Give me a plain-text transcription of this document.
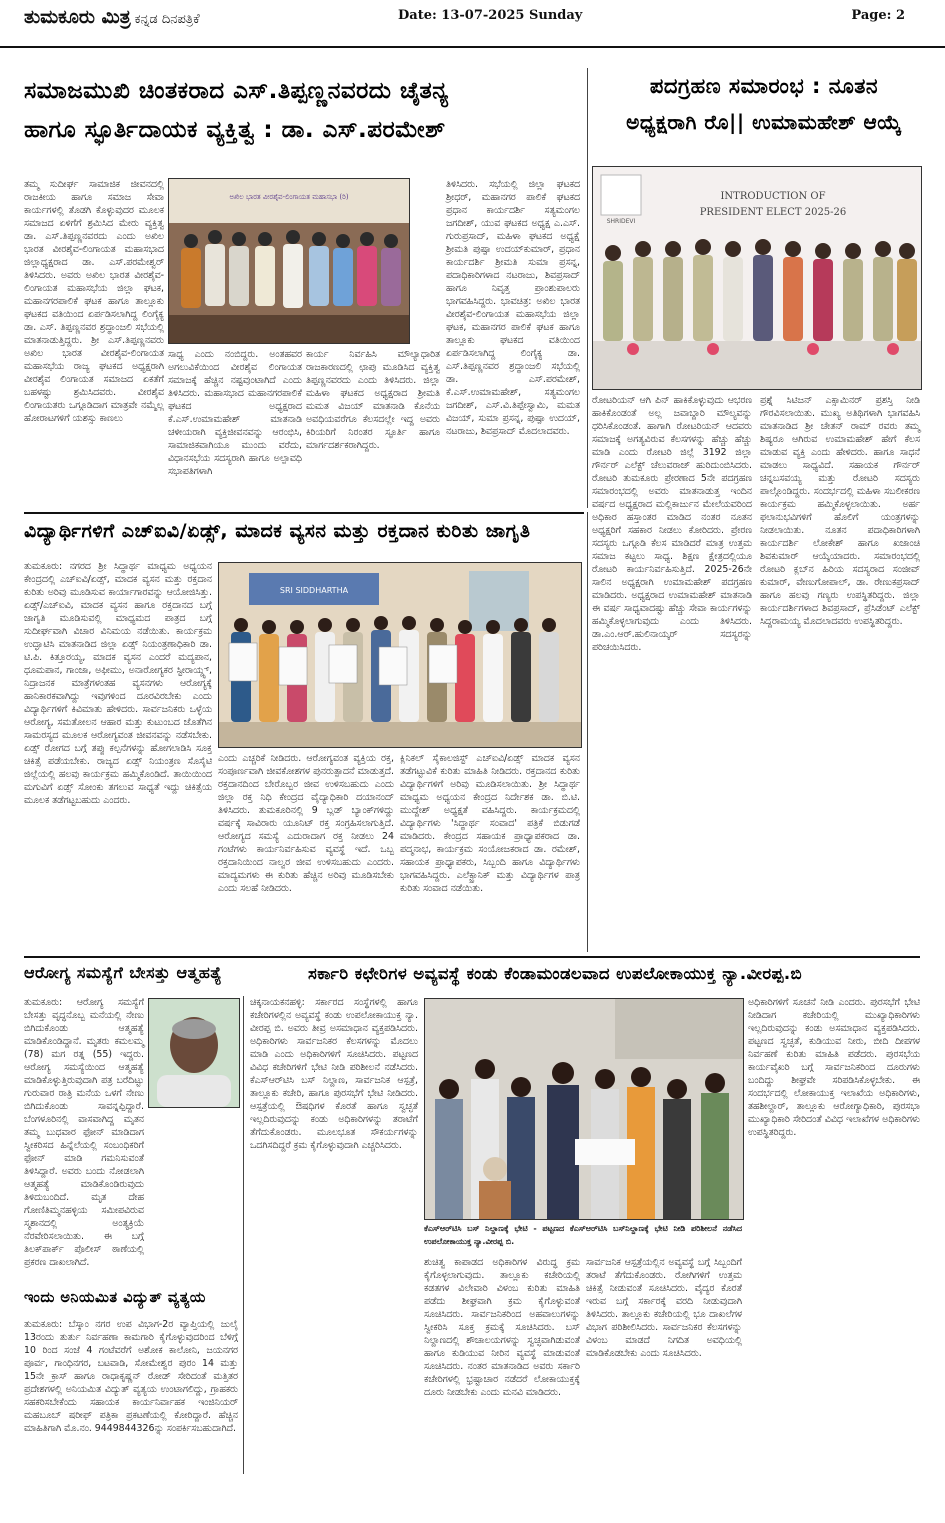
ತುಮಕೂರು ಮಿತ್ರ ಕನ್ನಡ ದಿನಪತ್ರಿಕೆ	Date: 13-07-2025 Sunday	Page: 2
ಸಮಾಜಮುಖಿ ಚಿಂತಕರಾದ ಎಸ್.ತಿಪ್ಪಣ್ಣನವರದು ಚೈತನ್ಯ
ಹಾಗೂ ಸ್ಫೂರ್ತಿದಾಯಕ ವ್ಯಕ್ತಿತ್ವ : ಡಾ. ಎಸ್.ಪರಮೇಶ್
ಪದಗ್ರಹಣ ಸಮಾರಂಭ : ನೂತನ
ಅಧ್ಯಕ್ಷರಾಗಿ ರೊ|| ಉಮಾಮಹೇಶ್ ಆಯ್ಕೆ
ತಮ್ಮ ಸುದೀರ್ಘ ಸಾಮಾಜಿಕ ಜೀವನದಲ್ಲಿ ರಾಜಕೀಯ ಹಾಗೂ ಸಮಾಜ ಸೇವಾ ಕಾರ್ಯಗಳಲ್ಲಿ ತೊಡಗಿ ಕೊಳ್ಳುವುದರ ಮೂಲಕ ಸಮಾಜದ ಏಳಿಗೆಗೆ ಶ್ರಮಿಸಿದ ಮೇರು ವ್ಯಕ್ತಿತ್ವ ಡಾ. ಎಸ್.ತಿಪ್ಪಣ್ಣನವರದು ಎಂದು ಅಖಿಲ ಭಾರತ ವೀರಶೈವ-ಲಿಂಗಾಯತ ಮಹಾಸಭಾದ ಜಿಲ್ಲಾಧ್ಯಕ್ಷರಾದ ಡಾ. ಎಸ್.ಪರಮೇಶ್ವರ್ ತಿಳಿಸಿದರು. ಅವರು ಅಖಿಲ ಭಾರತ ವೀರಶೈವ-ಲಿಂಗಾಯತ ಮಹಾಸಭೆಯ ಜಿಲ್ಲಾ ಘಟಕ, ಮಹಾನಗರಪಾಲಿಕೆ ಘಟಕ ಹಾಗೂ ತಾಲ್ಲೂಕು ಘಟಕದ ವತಿಯಿಂದ ಏರ್ಪಡಿಸಲಾಗಿದ್ದ ಲಿಂಗೈಕ್ಯ ಡಾ. ಎಸ್. ತಿಪ್ಪಣ್ಣನವರ ಶ್ರದ್ಧಾಂಜಲಿ ಸಭೆಯಲ್ಲಿ ಮಾತನಾಡುತ್ತಿದ್ದರು. ಶ್ರೀ ಎಸ್.ತಿಪ್ಪಣ್ಣನವರು ಅಖಿಲ ಭಾರತ ವೀರಶೈವ-ಲಿಂಗಾಯತ ಮಹಾಸಭೆಯ ರಾಜ್ಯ ಘಟಕದ ಅಧ್ಯಕ್ಷರಾಗಿ ವೀರಶೈವ ಲಿಂಗಾಯತ ಸಮಾಜದ ಏಕತೆಗೆ ಬಹಳಷ್ಟು ಶ್ರಮಿಸಿದವರು. ವೀರಶೈವ ಲಿಂಗಾಯತರು ಒಗ್ಗೂಡಿದಾಗ ಮಾತ್ರವೇ ನಮ್ಮೆಲ್ಲ ಹೋರಾಟಗಳಿಗೆ ಯಶಸ್ಸು ಕಾಣಲು
ಅಖಿಲ ಭಾರತ ವೀರಶೈವ-ಲಿಂಗಾಯತ ಮಹಾಸಭಾ (ರಿ)
ಸಾಧ್ಯ ಎಂದು ನಂಬಿದ್ದರು. ಅಂತಹವರ ಅಗಲುವಿಕೆಯಿಂದ ವೀರಶೈವ ಲಿಂಗಾಯತ ಸಮಾಜಕ್ಕೆ ಹೆಚ್ಚಿನ ನಷ್ಟವುಂಟಾಗಿದೆ ಎಂದು ತಿಳಿಸಿದರು. ಮಹಾಸಭಾದ ಮಹಾನಗರಪಾಲಿಕೆ ಘಟಕದ ಅಧ್ಯಕ್ಷರಾದ ಕೆ.ಎಸ್.ಉಮಾಮಹೇಶ್ ಮಾತನಾಡಿ ಚಳೀಯರಾಗಿ ವ್ಯಕ್ತಿಜೀವನವನ್ನು ಆರಂಭಿಸಿ, ಸಾಮಾಜಿಕವಾಗಿಯೂ ಮುಂದು ವರೆದು, ವಿಧಾನಸಭೆಯ ಸದಸ್ಯರಾಗಿ ಹಾಗೂ ಅಲ್ಪಾವಧಿ ಸಭಾಪತಿಗಳಾಗಿ
ಕಾರ್ಯ ನಿರ್ವಹಿಸಿ ಮೌಲ್ಯಾಧಾರಿತ ರಾಜಕಾರಣದಲ್ಲಿ ಛಾಪು ಮೂಡಿಸಿದ ವ್ಯಕ್ತಿತ್ವ ತಿಪ್ಪಣ್ಣನವರದು ಎಂದು ತಿಳಿಸಿದರು. ಜಿಲ್ಲಾ ಮಹಿಳಾ ಘಟಕದ ಅಧ್ಯಕ್ಷರಾದ ಶ್ರೀಮತಿ ಮಮತ ವಿಜಯ್ ಮಾತನಾಡಿ ಕೊನೆಯ ಅವಧಿಯವರೆಗೂ ಕೆಲಸದಲ್ಲೇ ಇದ್ದ ಅವರು ಕಿರಿಯರಿಗೆ ನಿರಂತರ ಸ್ಫೂರ್ತಿ ಹಾಗೂ ಮಾರ್ಗದರ್ಶಕರಾಗಿದ್ದರು.
ತಿಳಿಸಿದರು. ಸಭೆಯಲ್ಲಿ ಜಿಲ್ಲಾ ಘಟಕದ ಶ್ರೀಧರ್, ಮಹಾನಗರ ಪಾಲಿಕೆ ಘಟಕದ ಪ್ರಧಾನ ಕಾರ್ಯದರ್ಶಿ ಸತ್ಯಮಂಗಲ ಜಗದೀಶ್, ಯುವ ಘಟಕದ ಅಧ್ಯಕ್ಷ ಎ.ಎಸ್. ಗುರುಪ್ರಸಾದ್, ಮಹಿಳಾ ಘಟಕದ ಅಧ್ಯಕ್ಷೆ ಶ್ರೀಮತಿ ಪುಷ್ಪಾ ಉದಯ್‌ಕುಮಾರ್, ಪ್ರಧಾನ ಕಾರ್ಯದರ್ಶಿ ಶ್ರೀಮತಿ ಸುಮಾ ಪ್ರಸನ್ನ, ಪದಾಧಿಕಾರಿಗಳಾದ ನಟರಾಜು, ಶಿವಪ್ರಸಾದ್ ಹಾಗೂ ನಿವೃತ್ತ ಪ್ರಾಂಶುಪಾಲರು ಭಾಗವಹಿಸಿದ್ದರು. ಭಾವಚಿತ್ರ: ಅಖಿಲ ಭಾರತ ವೀರಶೈವ-ಲಿಂಗಾಯತ ಮಹಾಸಭೆಯ ಜಿಲ್ಲಾ ಘಟಕ, ಮಹಾನಗರ ಪಾಲಿಕೆ ಘಟಕ ಹಾಗೂ ತಾಲ್ಲೂಕು ಘಟಕದ ವತಿಯಿಂದ ಏರ್ಪಡಿಸಲಾಗಿದ್ದ ಲಿಂಗೈಕ್ಯ ಡಾ. ಎಸ್.ತಿಪ್ಪಣ್ಣನವರ ಶ್ರದ್ಧಾಂಜಲಿ ಸಭೆಯಲ್ಲಿ ಡಾ. ಎಸ್.ಪರಮೇಶ್, ಕೆ.ಎಸ್.ಉಮಾಮಹೇಶ್, ಸತ್ಯಮಂಗಲ ಜಗದೀಶ್, ಎಸ್.ವಿ.ತಿಪ್ಪೇಸ್ವಾಮಿ, ಮಮತ ವಿಜಯ್, ಸುಮಾ ಪ್ರಸನ್ನ, ಪುಷ್ಪಾ ಉದಯ್, ನಟರಾಜು, ಶಿವಪ್ರಸಾದ್ ಮೊದಲಾದವರು.
SHRIDEVI
INTRODUCTION OF
PRESIDENT ELECT 2025-26
ರೋಟರಿಯನ್ ಆಗಿ ಪಿನ್ ಹಾಕಿಕೊಳ್ಳುವುದು ಆಭರಣ ಹಾಕಿಕೊಂಡಂತೆ ಅಲ್ಲ ಜವಾಬ್ದಾರಿ ಮೌಲ್ಯವನ್ನು ಧರಿಸಿಕೊಂಡಂತೆ. ಹಾಗಾಗಿ ರೋಟರಿಯನ್ ಆದವರು ಸಮಾಜಕ್ಕೆ ಅಗತ್ಯವಿರುವ ಕೆಲಸಗಳನ್ನು ಹೆಚ್ಚು ಹೆಚ್ಚು ಮಾಡಿ ಎಂದು ರೋಟರಿ ಜಿಲ್ಲೆ 3192 ಜಿಲ್ಲಾ ಗೌರ್ನರ್ ಎಲೆಕ್ಟ್ ಚೆಲುವರಾಜ್ ಹುರಿದುಂಬಿಸಿದರು. ರೋಟರಿ ತುಮಕೂರು ಪ್ರೇರಣಾದ 5ನೇ ಪದಗ್ರಹಣ ಸಮಾರಂಭದಲ್ಲಿ ಅವರು ಮಾತನಾಡುತ್ತ ಇಂದಿನ ವರ್ಷದ ಅಧ್ಯಕ್ಷರಾದ ಮಲ್ಲಿಕಾರ್ಜುನ ಮೇಲೆಯವರಿಂದ ಅಧಿಕಾರ ಹಸ್ತಾಂತರ ಮಾಡಿದ ನಂತರ ನೂತನ ಅಧ್ಯಕ್ಷರಿಗೆ ಸಹಕಾರ ನೀಡಲು ಕೋರಿದರು. ಪ್ರೇರಣ ಸದಸ್ಯರು ಒಗ್ಗೂಡಿ ಕೆಲಸ ಮಾಡಿದರೆ ಮಾತ್ರ ಉತ್ತಮ ಸಮಾಜ ಕಟ್ಟಲು ಸಾಧ್ಯ. ಶಿಕ್ಷಣ ಕ್ಷೇತ್ರದಲ್ಲಿಯೂ ರೋಟರಿ ಕಾರ್ಯನಿರ್ವಹಿಸುತ್ತಿದೆ. 2025-26ನೇ ಸಾಲಿನ ಅಧ್ಯಕ್ಷರಾಗಿ ಉಮಾಮಹೇಶ್ ಪದಗ್ರಹಣ ಮಾಡಿದರು. ಅಧ್ಯಕ್ಷರಾದ ಉಮಾಮಹೇಶ್ ಮಾತನಾಡಿ ಈ ವರ್ಷ ಸಾಧ್ಯವಾದಷ್ಟು ಹೆಚ್ಚು ಸೇವಾ ಕಾರ್ಯಗಳನ್ನು ಹಮ್ಮಿಕೊಳ್ಳಲಾಗುವುದು ಎಂದು ತಿಳಿಸಿದರು. ಡಾ.ಎಂ.ಆರ್.ಹುಲಿನಾಯ್ಕರ್ ಸದಸ್ಯರನ್ನು ಪರಿಚಯಿಸಿದರು.
ಪ್ರಶ್ನೆ ಸಿಟಿಜನ್ ಎಕ್ಸಾಮಿನರ್ ಪ್ರಶಸ್ತಿ ನೀಡಿ ಗೌರವಿಸಲಾಯಿತು. ಮುಖ್ಯ ಅತಿಥಿಗಳಾಗಿ ಭಾಗವಹಿಸಿ ಮಾತನಾಡಿದ ಶ್ರೀ ಚೇತನ್ ರಾಮ್ ರವರು ತಮ್ಮ ಶಿಷ್ಯರೂ ಆಗಿರುವ ಉಮಾಮಹೇಶ್ ಹೇಗೆ ಕೆಲಸ ಮಾಡುವ ವ್ಯಕ್ತಿ ಎಂದು ಹೇಳಿದರು. ಹಾಗೂ ಸಾಧನೆ ಮಾಡಲು ಸಾಧ್ಯವಿದೆ. ಸಹಾಯಕ ಗೌರ್ನರ್ ಚನ್ನಬಸವಯ್ಯ ಮತ್ತು ರೋಟರಿ ಸದಸ್ಯರು ಪಾಲ್ಗೊಂಡಿದ್ದರು. ಸಂದರ್ಭದಲ್ಲಿ ಮಹಿಳಾ ಸಬಲೀಕರಣ ಕಾರ್ಯಕ್ರಮ ಹಮ್ಮಿಕೊಳ್ಳಲಾಯಿತು. ಅರ್ಹ ಫಲಾನುಭವಿಗಳಿಗೆ ಹೊಲಿಗೆ ಯಂತ್ರಗಳನ್ನು ನೀಡಲಾಯಿತು. ನೂತನ ಪದಾಧಿಕಾರಿಗಳಾಗಿ ಕಾರ್ಯದರ್ಶಿ ಲೋಕೇಶ್ ಹಾಗೂ ಖಜಾಂಚಿ ಶಿವಕುಮಾರ್ ಆಯ್ಕೆಯಾದರು. ಸಮಾರಂಭದಲ್ಲಿ ರೋಟರಿ ಕ್ಲಬ್‌ನ ಹಿರಿಯ ಸದಸ್ಯರಾದ ಸಂಜೀವ್ ಕುಮಾರ್, ವೇಣುಗೋಪಾಲ್, ಡಾ. ರೇಣುಕಪ್ರಸಾದ್ ಹಾಗೂ ಹಲವು ಗಣ್ಯರು ಉಪಸ್ಥಿತರಿದ್ದರು. ಜಿಲ್ಲಾ ಕಾರ್ಯದರ್ಶಿಗಳಾದ ಶಿವಪ್ರಸಾದ್, ಪ್ರೆಸಿಡೆಂಟ್ ಎಲೆಕ್ಟ್ ಸಿದ್ದರಾಮಯ್ಯ ಮೊದಲಾದವರು ಉಪಸ್ಥಿತರಿದ್ದರು.
ವಿದ್ಯಾರ್ಥಿಗಳಿಗೆ ಎಚ್‌ಐವಿ/ಏಡ್ಸ್, ಮಾದಕ ವ್ಯಸನ ಮತ್ತು ರಕ್ತದಾನ ಕುರಿತು ಜಾಗೃತಿ
ತುಮಕೂರು: ನಗರದ ಶ್ರೀ ಸಿದ್ಧಾರ್ಥ ಮಾಧ್ಯಮ ಅಧ್ಯಯನ ಕೇಂದ್ರದಲ್ಲಿ ಎಚ್‌ಐವಿ/ಏಡ್ಸ್, ಮಾದಕ ವ್ಯಸನ ಮತ್ತು ರಕ್ತದಾನ ಕುರಿತು ಅರಿವು ಮೂಡಿಸುವ ಕಾರ್ಯಾಗಾರವನ್ನು ಆಯೋಜಿಸಿತ್ತು. ಏಡ್ಸ್/ಎಚ್‌ಐವಿ, ಮಾದಕ ವ್ಯಸನ ಹಾಗೂ ರಕ್ತದಾನದ ಬಗ್ಗೆ ಜಾಗೃತಿ ಮೂಡಿಸುವಲ್ಲಿ ಮಾಧ್ಯಮದ ಪಾತ್ರದ ಬಗ್ಗೆ ಸುದೀರ್ಘವಾಗಿ ವಿಚಾರ ವಿನಿಮಯ ನಡೆಯಿತು. ಕಾರ್ಯಕ್ರಮ ಉದ್ಘಾಟಿಸಿ ಮಾತನಾಡಿದ ಜಿಲ್ಲಾ ಏಡ್ಸ್ ನಿಯಂತ್ರಣಾಧಿಕಾರಿ ಡಾ. ಟಿ.ಪಿ. ಕಿತ್ತೂರಯ್ಯ, ಮಾದಕ ವ್ಯಸನ ಎಂದರೆ ಮದ್ಯಪಾನ, ಧೂಮಪಾನ, ಗಾಂಜಾ, ಅಫೀಮು, ಅನಾರೋಗ್ಯಕರ ಸ್ಟೀರಾಯ್ಡ್ಸ್, ನಿದ್ರಾಜನಕ ಮಾತ್ರೆಗಳಂತಹ ವ್ಯಸನಗಳು ಆರೋಗ್ಯಕ್ಕೆ ಹಾನಿಕಾರಕವಾಗಿದ್ದು ಇವುಗಳಿಂದ ದೂರವಿರಬೇಕು ಎಂದು ವಿದ್ಯಾರ್ಥಿಗಳಿಗೆ ಕಿವಿಮಾತು ಹೇಳಿದರು. ಸಾರ್ವಜನಿಕರು ಒಳ್ಳೆಯ ಆರೋಗ್ಯ, ಸಮತೋಲನ ಆಹಾರ ಮತ್ತು ಕುಟುಂಬದ ಜೊತೆಗಿನ ಸಾಮರಸ್ಯದ ಮೂಲಕ ಆರೋಗ್ಯವಂತ ಜೀವನವನ್ನು ನಡೆಸಬೇಕು. ಏಡ್ಸ್ ರೋಗದ ಬಗ್ಗೆ ತಪ್ಪು ಕಲ್ಪನೆಗಳನ್ನು ಹೋಗಲಾಡಿಸಿ ಸೂಕ್ತ ಚಿಕಿತ್ಸೆ ಪಡೆಯಬೇಕು. ರಾಜ್ಯದ ಏಡ್ಸ್ ನಿಯಂತ್ರಣ ಸೊಸೈಟಿ ಜಿಲ್ಲೆಯಲ್ಲಿ ಹಲವು ಕಾರ್ಯಕ್ರಮ ಹಮ್ಮಿಕೊಂಡಿದೆ. ತಾಯಿಯಿಂದ ಮಗುವಿಗೆ ಏಡ್ಸ್ ಸೋಂಕು ತಗಲುವ ಸಾಧ್ಯತೆ ಇದ್ದು ಚಿಕಿತ್ಸೆಯ ಮೂಲಕ ತಡೆಗಟ್ಟಬಹುದು ಎಂದರು.
SRI SIDDHARTHA
ಎಂದು ಎಚ್ಚರಿಕೆ ನೀಡಿದರು. ಆರೋಗ್ಯವಂತ ವ್ಯಕ್ತಿಯ ರಕ್ತ, ಸಂಪೂರ್ಣವಾಗಿ ಜೀವಕೋಶಗಳ ಪುನರುತ್ಪಾದನೆ ಮಾಡುತ್ತದೆ. ರಕ್ತದಾನದಿಂದ ಬೇರೊಬ್ಬರ ಜೀವ ಉಳಿಸಬಹುದು ಎಂದು ಜಿಲ್ಲಾ ರಕ್ತ ನಿಧಿ ಕೇಂದ್ರದ ವೈದ್ಯಾಧಿಕಾರಿ ದಯಾನಂದ್ ತಿಳಿಸಿದರು. ತುಮಕೂರಿನಲ್ಲಿ 9 ಬ್ಲಡ್ ಬ್ಯಾಂಕ್‌ಗಳಿದ್ದು ವರ್ಷಕ್ಕೆ ಸಾವಿರಾರು ಯೂನಿಟ್ ರಕ್ತ ಸಂಗ್ರಹಿಸಲಾಗುತ್ತಿದೆ. ಆರೋಗ್ಯದ ಸಮಸ್ಯೆ ಎದುರಾದಾಗ ರಕ್ತ ನೀಡಲು 24 ಗಂಟೆಗಳು ಕಾರ್ಯನಿರ್ವಹಿಸುವ ವ್ಯವಸ್ಥೆ ಇದೆ. ಒಬ್ಬ ರಕ್ತದಾನಿಯಿಂದ ನಾಲ್ವರ ಜೀವ ಉಳಿಸಬಹುದು ಎಂದರು. ಮಾದ್ಯಮಗಳು ಈ ಕುರಿತು ಹೆಚ್ಚಿನ ಅರಿವು ಮೂಡಿಸಬೇಕು ಎಂದು ಸಲಹೆ ನೀಡಿದರು.
ಕ್ಲಿನಿಕಲ್ ಸೈಕಾಲಜಿಸ್ಟ್ ಎಚ್‌ಐವಿ/ಏಡ್ಸ್ ಮಾದಕ ವ್ಯಸನ ತಡೆಗಟ್ಟುವಿಕೆ ಕುರಿತು ಮಾಹಿತಿ ನೀಡಿದರು. ರಕ್ತದಾನದ ಕುರಿತು ವಿದ್ಯಾರ್ಥಿಗಳಿಗೆ ಅರಿವು ಮೂಡಿಸಲಾಯಿತು. ಶ್ರೀ ಸಿದ್ಧಾರ್ಥ ಮಾಧ್ಯಮ ಅಧ್ಯಯನ ಕೇಂದ್ರದ ನಿರ್ದೇಶಕ ಡಾ. ಬಿ.ಟಿ. ಮುದ್ದೇಶ್ ಅಧ್ಯಕ್ಷತೆ ವಹಿಸಿದ್ದರು. ಕಾರ್ಯಕ್ರಮದಲ್ಲಿ ವಿದ್ಯಾರ್ಥಿಗಳು 'ಸಿದ್ಧಾರ್ಥ ಸಂವಾದ' ಪತ್ರಿಕೆ ಬಿಡುಗಡೆ ಮಾಡಿದರು. ಕೇಂದ್ರದ ಸಹಾಯಕ ಪ್ರಾಧ್ಯಾಪಕರಾದ ಡಾ. ಪದ್ಮನಾಭ, ಕಾರ್ಯಕ್ರಮ ಸಂಯೋಜಕರಾದ ಡಾ. ರಮೇಶ್, ಸಹಾಯಕ ಪ್ರಾಧ್ಯಾಪಕರು, ಸಿಬ್ಬಂದಿ ಹಾಗೂ ವಿದ್ಯಾರ್ಥಿಗಳು ಭಾಗವಹಿಸಿದ್ದರು. ಎಲೆಕ್ಟ್ರಾನಿಕ್ ಮತ್ತು ವಿದ್ಯಾರ್ಥಿಗಳ ಪಾತ್ರ ಕುರಿತು ಸಂವಾದ ನಡೆಯಿತು.
ಆರೋಗ್ಯ ಸಮಸ್ಯೆಗೆ ಬೇಸತ್ತು ಆತ್ಮಹತ್ಯೆ	ಸರ್ಕಾರಿ ಕಛೇರಿಗಳ ಅವ್ಯವಸ್ಥೆ ಕಂಡು ಕೆಂಡಾಮಂಡಲವಾದ ಉಪಲೋಕಾಯುಕ್ತ ನ್ಯಾ.ವೀರಪ್ಪ.ಬಿ
ತುಮಕೂರು: ಆರೋಗ್ಯ ಸಮಸ್ಯೆಗೆ ಬೇಸತ್ತು ವೃದ್ಧನೊಬ್ಬ ಮನೆಯಲ್ಲಿ ನೇಣು ಬಿಗಿದುಕೊಂಡು ಆತ್ಮಹತ್ಯೆ ಮಾಡಿಕೊಂಡಿದ್ದಾನೆ. ಮೃತರು ಕಮಲಮ್ಮ (78) ಮಗ ರತ್ನ (55) ಇದ್ದರು. ಆರೋಗ್ಯ ಸಮಸ್ಯೆಯಿಂದ ಆತ್ಮಹತ್ಯೆ ಮಾಡಿಕೊಳ್ಳುತ್ತಿರುವುದಾಗಿ ಪತ್ರ ಬರೆದಿಟ್ಟು ಗುರುವಾರ ರಾತ್ರಿ ಮನೆಯ ಒಳಗೆ ನೇಣು ಬಿಗಿದುಕೊಂಡು ಸಾವನ್ನಪ್ಪಿದ್ದಾರೆ. ಬೆಂಗಳೂರಿನಲ್ಲಿ ವಾಸವಾಗಿದ್ದ ಮೃತನ ತಮ್ಮ ಬುಧವಾರ ಫೋನ್ ಮಾಡಿದಾಗ ಸ್ವೀಕರಿಸದ ಹಿನ್ನೆಲೆಯಲ್ಲಿ ಸಂಬಂಧಿಕರಿಗೆ ಫೋನ್ ಮಾಡಿ ಗಮನಿಸುವಂತೆ ತಿಳಿಸಿದ್ದಾರೆ. ಅವರು ಬಂದು ನೋಡಲಾಗಿ ಆತ್ಮಹತ್ಯೆ ಮಾಡಿಕೊಂಡಿರುವುದು ತಿಳಿದುಬಂದಿದೆ. ಮೃತ ದೇಹ ಗೋಣಿತಿಮ್ಮನಹಳ್ಳಿಯ ಸಮೀಪವಿರುವ ಸ್ಮಶಾನದಲ್ಲಿ ಅಂತ್ಯಕ್ರಿಯೆ ನೆರವೇರಿಸಲಾಯಿತು. ಈ ಬಗ್ಗೆ ತಿಲಕ್‌ಪಾರ್ಕ್ ಪೊಲೀಸ್ ಠಾಣೆಯಲ್ಲಿ ಪ್ರಕರಣ ದಾಖಲಾಗಿದೆ.
ಇಂದು ಅನಿಯಮಿತ ವಿದ್ಯುತ್ ವ್ಯತ್ಯಯ
ತುಮಕೂರು: ಬೆಸ್ಕಾಂ ನಗರ ಉಪ ವಿಭಾಗ-2ರ ವ್ಯಾಪ್ತಿಯಲ್ಲಿ ಜುಲೈ 13ರಂದು ತುರ್ತು ನಿರ್ವಹಣಾ ಕಾಮಗಾರಿ ಕೈಗೊಳ್ಳುವುದರಿಂದ ಬೆಳಿಗ್ಗೆ 10 ರಿಂದ ಸಂಜೆ 4 ಗಂಟೆವರೆಗೆ ಅಶೋಕ ಕಾಲೋನಿ, ಜಯನಗರ ಪೂರ್ವ, ಗಾಂಧಿನಗರ, ಬಟವಾಡಿ, ಸೋಮೇಶ್ವರ ಪುರಂ 14 ಮತ್ತು 15ನೇ ಕ್ರಾಸ್ ಹಾಗೂ ರಾಧಾಕೃಷ್ಣನ್ ರೋಡ್ ಸೇರಿದಂತೆ ಮತ್ತಿತರ ಪ್ರದೇಶಗಳಲ್ಲಿ ಅನಿಯಮಿತ ವಿದ್ಯುತ್ ವ್ಯತ್ಯಯ ಉಂಟಾಗಲಿದ್ದು, ಗ್ರಾಹಕರು ಸಹಕರಿಸಬೇಕೆಂದು ಸಹಾಯಕ ಕಾರ್ಯನಿರ್ವಾಹಕ ಇಂಜಿನಿಯರ್ ಮಹಬೂಬ್ ಷರೀಫ್ ಪತ್ರಿಕಾ ಪ್ರಕಟಣೆಯಲ್ಲಿ ಕೋರಿದ್ದಾರೆ. ಹೆಚ್ಚಿನ ಮಾಹಿತಿಗಾಗಿ ಮೊ.ನಂ. 9449844326ನ್ನು ಸಂಪರ್ಕಿಸಬಹುದಾಗಿದೆ.
ಚಿಕ್ಕನಾಯಕನಹಳ್ಳಿ: ಸರ್ಕಾರದ ಸಂಸ್ಥೆಗಳಲ್ಲಿ ಹಾಗೂ ಕಚೇರಿಗಳಲ್ಲಿನ ಅವ್ಯವಸ್ಥೆ ಕಂಡು ಉಪಲೋಕಾಯುಕ್ತ ನ್ಯಾ. ವೀರಪ್ಪ ಬಿ. ಅವರು ತೀವ್ರ ಅಸಮಾಧಾನ ವ್ಯಕ್ತಪಡಿಸಿದರು. ಅಧಿಕಾರಿಗಳು ಸಾರ್ವಜನಿಕರ ಕೆಲಸಗಳನ್ನು ಮೊದಲು ಮಾಡಿ ಎಂದು ಅಧಿಕಾರಿಗಳಿಗೆ ಸೂಚಿಸಿದರು. ಪಟ್ಟಣದ ವಿವಿಧ ಕಚೇರಿಗಳಿಗೆ ಭೇಟಿ ನೀಡಿ ಪರಿಶೀಲನೆ ನಡೆಸಿದರು. ಕೆಎಸ್‌ಆರ್‌ಟಿಸಿ ಬಸ್ ನಿಲ್ದಾಣ, ಸಾರ್ವಜನಿಕ ಆಸ್ಪತ್ರೆ, ತಾಲ್ಲೂಕು ಕಚೇರಿ, ಹಾಗೂ ಪುರಸಭೆಗೆ ಭೇಟಿ ನೀಡಿದರು. ಆಸ್ಪತ್ರೆಯಲ್ಲಿ ಔಷಧಿಗಳ ಕೊರತೆ ಹಾಗೂ ಸ್ವಚ್ಛತೆ ಇಲ್ಲದಿರುವುದನ್ನು ಕಂಡು ಅಧಿಕಾರಿಗಳನ್ನು ತರಾಟೆಗೆ ತೆಗೆದುಕೊಂಡರು. ಮೂಲಭೂತ ಸೌಕರ್ಯಗಳನ್ನು ಒದಗಿಸದಿದ್ದರೆ ಕ್ರಮ ಕೈಗೊಳ್ಳುವುದಾಗಿ ಎಚ್ಚರಿಸಿದರು.
ಕೆಎಸ್‌ಆರ್‌ಟಿಸಿ ಬಸ್ ನಿಲ್ದಾಣಕ್ಕೆ ಭೇಟಿ - ಪಟ್ಟಣದ ಕೆಎಸ್‌ಆರ್‌ಟಿಸಿ ಬಸ್‌ನಿಲ್ದಾಣಕ್ಕೆ ಭೇಟಿ ನೀಡಿ ಪರಿಶೀಲನೆ ನಡೆಸಿದ ಉಪಲೋಕಾಯುಕ್ತ ನ್ಯಾ.ವೀರಪ್ಪ ಬಿ.
ಶುಚಿತ್ವ ಕಾಪಾಡದ ಅಧಿಕಾರಿಗಳ ವಿರುದ್ಧ ಕ್ರಮ ಕೈಗೊಳ್ಳಲಾಗುವುದು. ತಾಲ್ಲೂಕು ಕಚೇರಿಯಲ್ಲಿ ಕಡತಗಳ ವಿಲೇವಾರಿ ವಿಳಂಬ ಕುರಿತು ಮಾಹಿತಿ ಪಡೆದು ಶೀಘ್ರವಾಗಿ ಕ್ರಮ ಕೈಗೊಳ್ಳುವಂತೆ ಸೂಚಿಸಿದರು. ಸಾರ್ವಜನಿಕರಿಂದ ಅಹವಾಲುಗಳನ್ನು ಸ್ವೀಕರಿಸಿ ಸೂಕ್ತ ಕ್ರಮಕ್ಕೆ ಸೂಚಿಸಿದರು. ಬಸ್ ನಿಲ್ದಾಣದಲ್ಲಿ ಶೌಚಾಲಯಗಳನ್ನು ಸ್ವಚ್ಛವಾಗಿಡುವಂತೆ ಹಾಗೂ ಕುಡಿಯುವ ನೀರಿನ ವ್ಯವಸ್ಥೆ ಮಾಡುವಂತೆ ಸೂಚಿಸಿದರು. ನಂತರ ಮಾತನಾಡಿದ ಅವರು ಸರ್ಕಾರಿ ಕಚೇರಿಗಳಲ್ಲಿ ಭ್ರಷ್ಟಾಚಾರ ನಡೆದರೆ ಲೋಕಾಯುಕ್ತಕ್ಕೆ ದೂರು ನೀಡಬೇಕು ಎಂದು ಮನವಿ ಮಾಡಿದರು.
ಸಾರ್ವಜನಿಕ ಆಸ್ಪತ್ರೆಯಲ್ಲಿನ ಅವ್ಯವಸ್ಥೆ ಬಗ್ಗೆ ಸಿಬ್ಬಂದಿಗೆ ತರಾಟೆ ತೆಗೆದುಕೊಂಡರು. ರೋಗಿಗಳಿಗೆ ಉತ್ತಮ ಚಿಕಿತ್ಸೆ ನೀಡುವಂತೆ ಸೂಚಿಸಿದರು. ವೈದ್ಯರ ಕೊರತೆ ಇರುವ ಬಗ್ಗೆ ಸರ್ಕಾರಕ್ಕೆ ವರದಿ ನೀಡುವುದಾಗಿ ತಿಳಿಸಿದರು. ತಾಲ್ಲೂಕು ಕಚೇರಿಯಲ್ಲಿ ಭೂ ದಾಖಲೆಗಳ ವಿಭಾಗ ಪರಿಶೀಲಿಸಿದರು. ಸಾರ್ವಜನಿಕರ ಕೆಲಸಗಳನ್ನು ವಿಳಂಬ ಮಾಡದೆ ನಿಗದಿತ ಅವಧಿಯಲ್ಲಿ ಮಾಡಿಕೊಡಬೇಕು ಎಂದು ಸೂಚಿಸಿದರು.
ಅಧಿಕಾರಿಗಳಿಗೆ ಸೂಚನೆ ನೀಡಿ ಎಂದರು. ಪುರಸಭೆಗೆ ಭೇಟಿ ನೀಡಿದಾಗ ಕಚೇರಿಯಲ್ಲಿ ಮುಖ್ಯಾಧಿಕಾರಿಗಳು ಇಲ್ಲದಿರುವುದನ್ನು ಕಂಡು ಅಸಮಾಧಾನ ವ್ಯಕ್ತಪಡಿಸಿದರು. ಪಟ್ಟಣದ ಸ್ವಚ್ಛತೆ, ಕುಡಿಯುವ ನೀರು, ಬೀದಿ ದೀಪಗಳ ನಿರ್ವಹಣೆ ಕುರಿತು ಮಾಹಿತಿ ಪಡೆದರು. ಪುರಸಭೆಯ ಕಾರ್ಯವೈಖರಿ ಬಗ್ಗೆ ಸಾರ್ವಜನಿಕರಿಂದ ದೂರುಗಳು ಬಂದಿದ್ದು ಶೀಘ್ರವೇ ಸರಿಪಡಿಸಿಕೊಳ್ಳಬೇಕು. ಈ ಸಂದರ್ಭದಲ್ಲಿ ಲೋಕಾಯುಕ್ತ ಇಲಾಖೆಯ ಅಧಿಕಾರಿಗಳು, ತಹಶೀಲ್ದಾರ್, ತಾಲ್ಲೂಕು ಆರೋಗ್ಯಾಧಿಕಾರಿ, ಪುರಸಭಾ ಮುಖ್ಯಾಧಿಕಾರಿ ಸೇರಿದಂತೆ ವಿವಿಧ ಇಲಾಖೆಗಳ ಅಧಿಕಾರಿಗಳು ಉಪಸ್ಥಿತರಿದ್ದರು.
